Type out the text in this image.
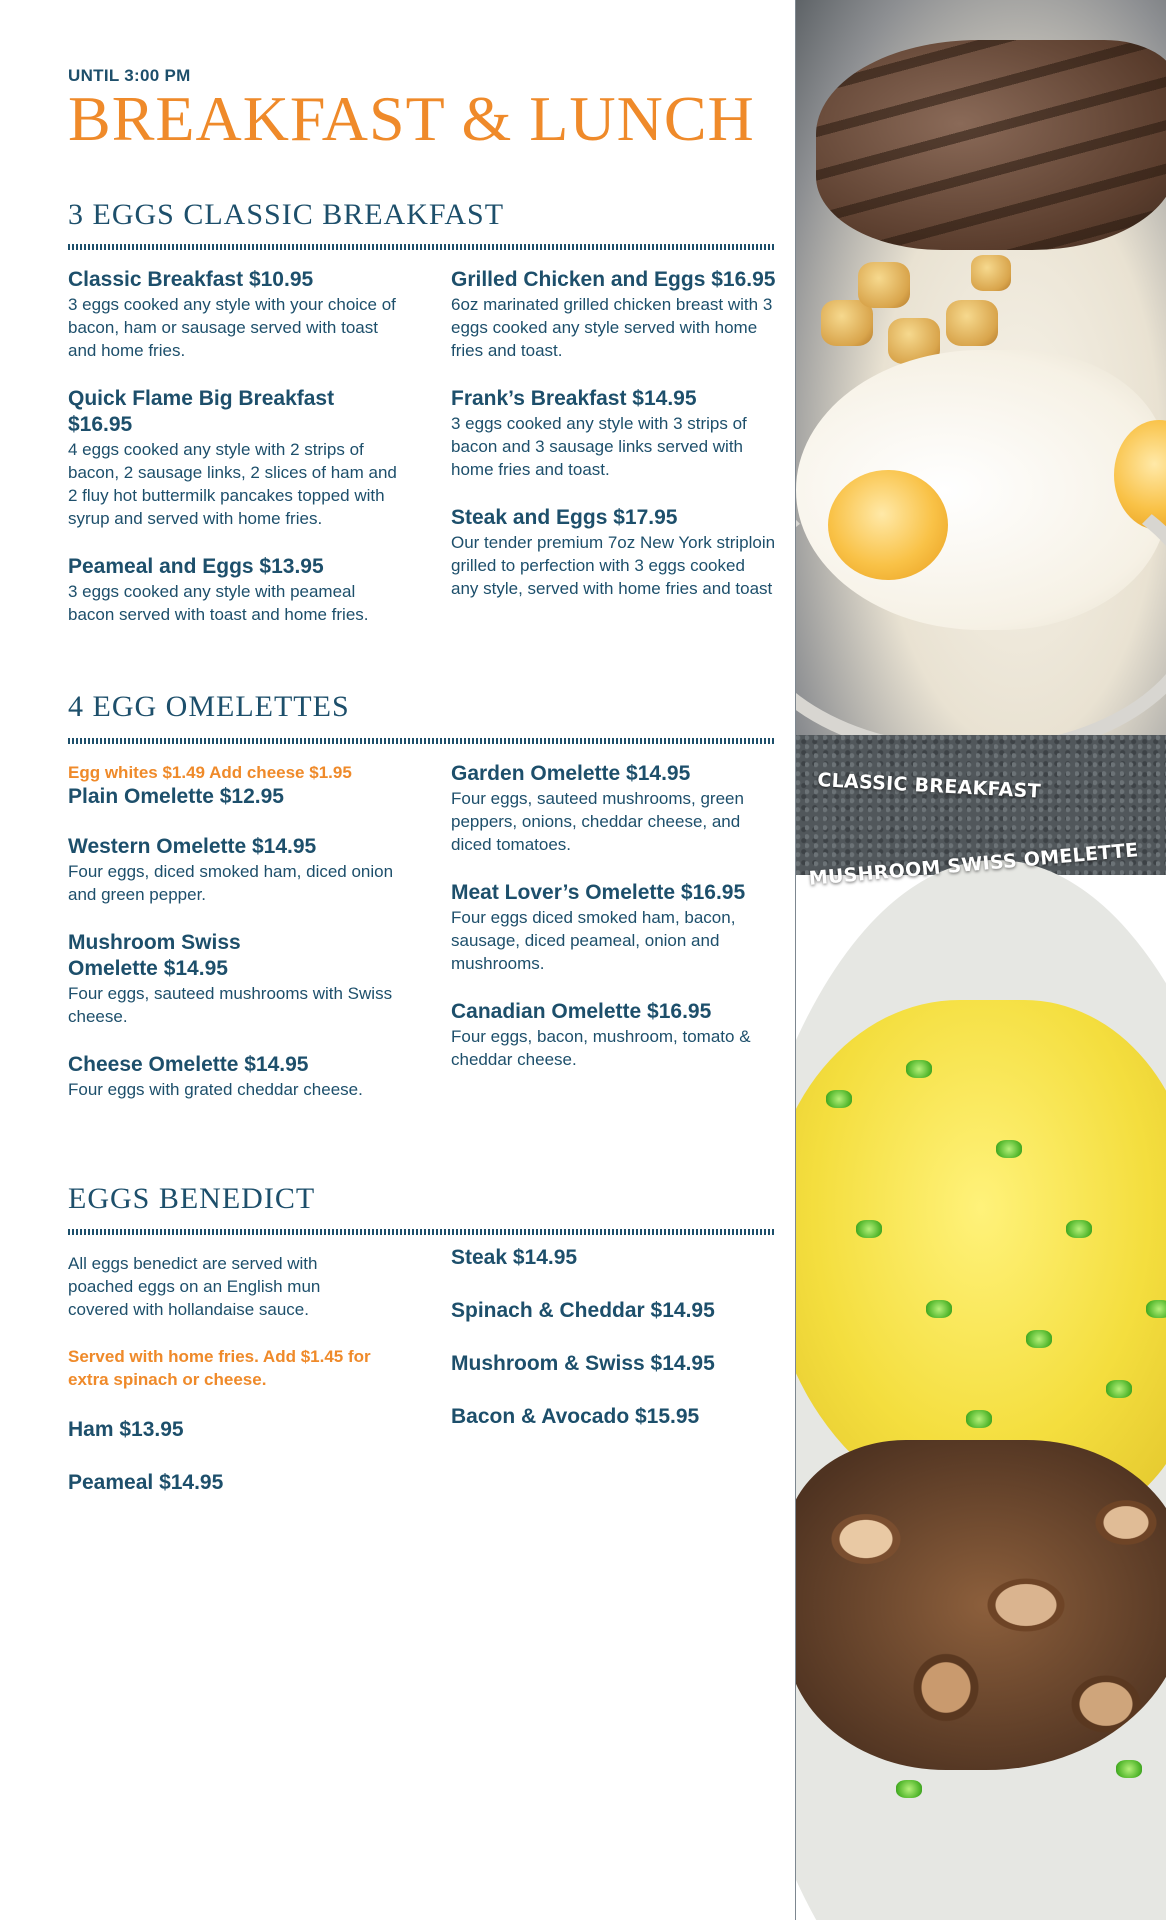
UNTIL 3:00 PM
BREAKFAST & LUNCH
3 EGGS CLASSIC BREAKFAST
Classic Breakfast $10.95
3 eggs cooked any style with your choice of bacon, ham or sausage served with toast and home fries.
Quick Flame Big Breakfast $16.95
4 eggs cooked any style with 2 strips of bacon, 2 sausage links, 2 slices of ham and 2 fluy hot buttermilk pancakes topped with syrup and served with home fries.
Peameal and Eggs $13.95
3 eggs cooked any style with peameal bacon served with toast and home fries.
Grilled Chicken and Eggs $16.95
6oz marinated grilled chicken breast with 3 eggs cooked any style served with home fries and toast.
Frank’s Breakfast $14.95
3 eggs cooked any style with 3 strips of bacon and 3 sausage links served with home fries and toast.
Steak and Eggs $17.95
Our tender premium 7oz New York striploin grilled to perfection with 3 eggs cooked any style, served with home fries and toast
4 EGG OMELETTES
Egg whites $1.49 Add cheese $1.95
Plain Omelette $12.95
Western Omelette $14.95
Four eggs, diced smoked ham, diced onion and green pepper.
Mushroom Swiss Omelette $14.95
Four eggs, sauteed mushrooms with Swiss cheese.
Cheese Omelette $14.95
Four eggs with grated cheddar cheese.
Garden Omelette $14.95
Four eggs, sauteed mushrooms, green peppers, onions, cheddar cheese, and diced tomatoes.
Meat Lover’s Omelette $16.95
Four eggs diced smoked ham, bacon, sausage, diced peameal, onion and mushrooms.
Canadian Omelette $16.95
Four eggs, bacon, mushroom, tomato & cheddar cheese.
EGGS BENEDICT
All eggs benedict are served with poached eggs on an English mun covered with hollandaise sauce.
Served with home fries. Add $1.45 for extra spinach or cheese.
Ham $13.95
Peameal $14.95
Steak $14.95
Spinach & Cheddar $14.95
Mushroom & Swiss $14.95
Bacon & Avocado $15.95

CLASSIC BREAKFAST

MUSHROOM SWISS OMELETTE
